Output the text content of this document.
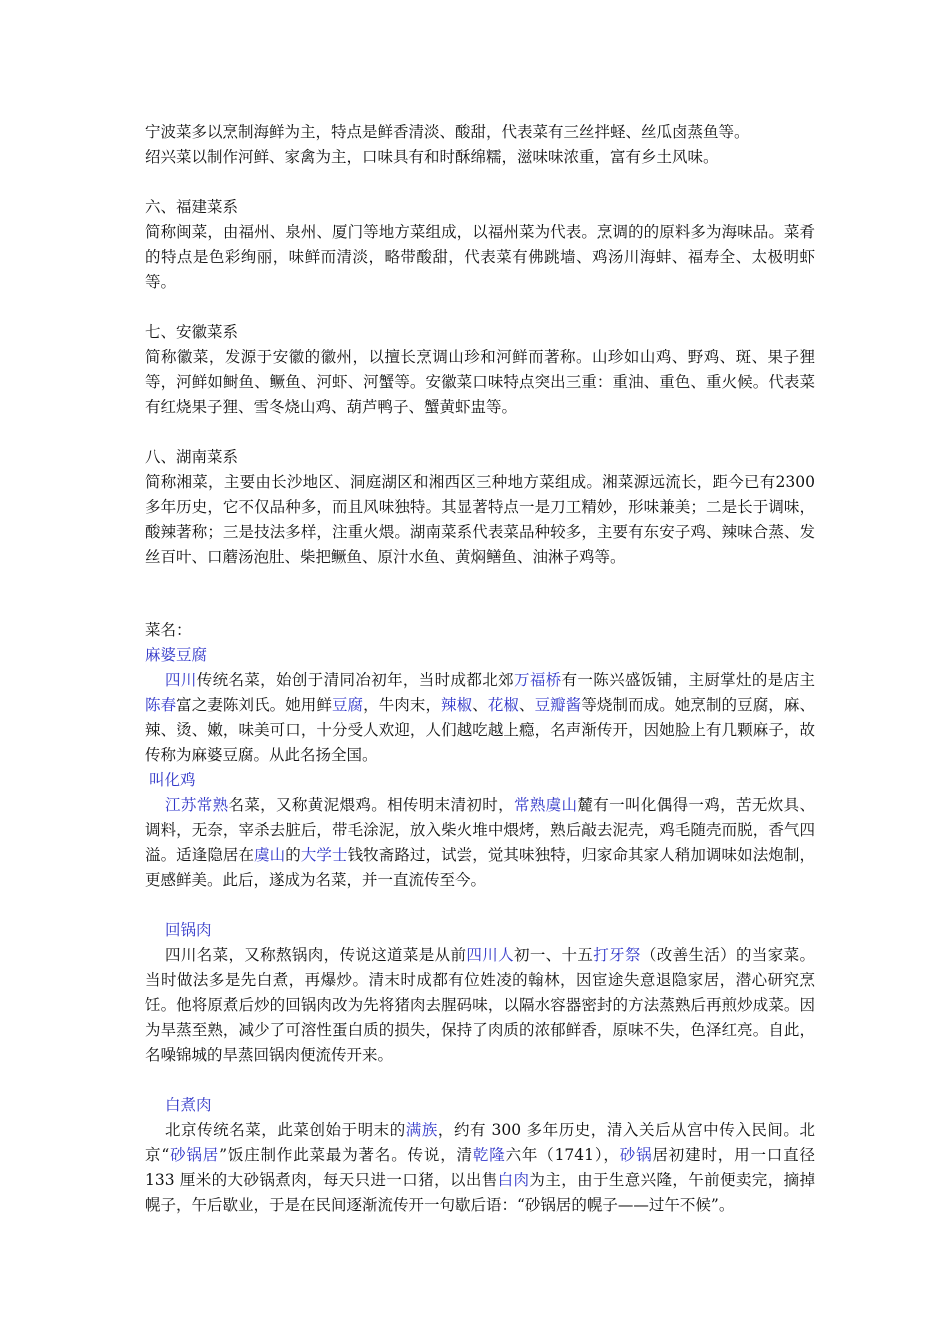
宁波菜多以烹制海鲜为主，特点是鲜香清淡、酸甜，代表菜有三丝拌蛏、丝瓜卤蒸鱼等。

绍兴菜以制作河鲜、家禽为主，口味具有和时酥绵糯，滋味味浓重，富有乡土风味。

六、福建菜系

简称闽菜，由福州、泉州、厦门等地方菜组成，以福州菜为代表。烹调的的原料多为海味品。菜肴的特点是色彩绚丽，味鲜而清淡，略带酸甜，代表菜有佛跳墙、鸡汤川海蚌、福寿全、太极明虾等。

七、安徽菜系

简称徽菜，发源于安徽的徽州，以擅长烹调山珍和河鲜而著称。山珍如山鸡、野鸡、斑、果子狸等，河鲜如鲥鱼、鳜鱼、河虾、河蟹等。安徽菜口味特点突出三重：重油、重色、重火候。代表菜有红烧果子狸、雪冬烧山鸡、葫芦鸭子、蟹黄虾盅等。

八、湖南菜系

简称湘菜，主要由长沙地区、洞庭湖区和湘西区三种地方菜组成。湘菜源远流长，距今已有2300多年历史，它不仅品种多，而且风味独特。其显著特点一是刀工精妙，形味兼美；二是长于调味，酸辣著称；三是技法多样，注重火煨。湖南菜系代表菜品种较多，主要有东安子鸡、辣味合蒸、发丝百叶、口蘑汤泡肚、柴把鳜鱼、原汁水鱼、黄焖鳝鱼、油淋子鸡等。

菜名：

麻婆豆腐

四川传统名菜，始创于清同冶初年，当时成都北郊万福桥有一陈兴盛饭铺，主厨掌灶的是店主陈春富之妻陈刘氏。她用鲜豆腐，牛肉末，辣椒、花椒、豆瓣酱等烧制而成。她烹制的豆腐，麻、辣、烫、嫩，味美可口，十分受人欢迎，人们越吃越上瘾，名声渐传开，因她脸上有几颗麻子，故传称为麻婆豆腐。从此名扬全国。

叫化鸡

江苏常熟名菜，又称黄泥煨鸡。相传明末清初时，常熟虞山麓有一叫化偶得一鸡，苦无炊具、调料，无奈，宰杀去脏后，带毛涂泥，放入柴火堆中煨烤，熟后敲去泥壳，鸡毛随壳而脱，香气四溢。适逢隐居在虞山的大学士钱牧斋路过，试尝，觉其味独特，归家命其家人稍加调味如法炮制，更感鲜美。此后，遂成为名菜，并一直流传至今。

回锅肉

四川名菜，又称熬锅肉，传说这道菜是从前四川人初一、十五打牙祭（改善生活）的当家菜。当时做法多是先白煮，再爆炒。清末时成都有位姓凌的翰林，因宦途失意退隐家居，潜心研究烹饪。他将原煮后炒的回锅肉改为先将猪肉去腥码味，以隔水容器密封的方法蒸熟后再煎炒成菜。因为旱蒸至熟，减少了可溶性蛋白质的损失，保持了肉质的浓郁鲜香，原味不失，色泽红亮。自此，名噪锦城的旱蒸回锅肉便流传开来。

白煮肉

北京传统名菜，此菜创始于明末的满族，约有 300 多年历史，清入关后从宫中传入民间。北京“砂锅居”饭庄制作此菜最为著名。传说，清乾隆六年（1741），砂锅居初建时，用一口直径 133 厘米的大砂锅煮肉，每天只进一口猪，以出售白肉为主，由于生意兴隆，午前便卖完，摘掉幌子，午后歇业，于是在民间逐渐流传开一句歇后语：“砂锅居的幌子——过午不候”。
